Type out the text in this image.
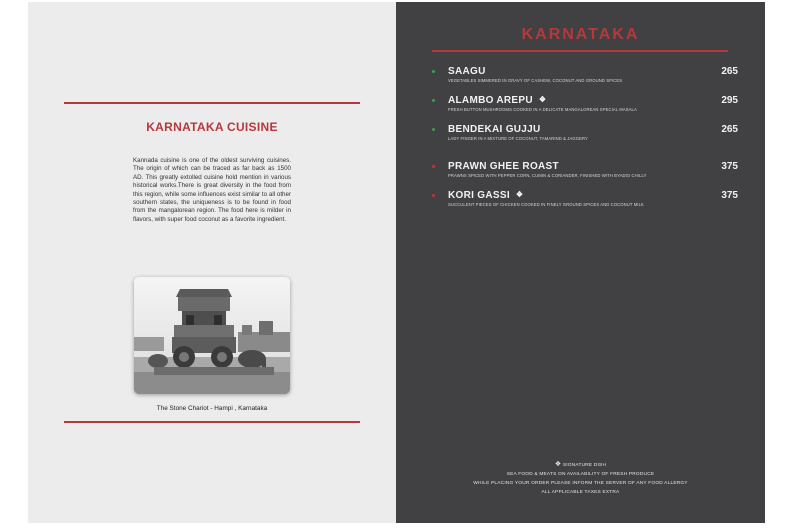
KARNATAKA CUISINE
Kannada cuisine is one of the oldest surviving cuisines. The origin of which can be traced as far back as 1500 AD. This greatly extolled cuisine hold mention in various historical works.There is great diversity in the food from this region, while some influences exist similar to all other southern states, the uniqueness is to be found in food from the mangalorean region. The food here is milder in flavors, with super food coconut as a favorite ingredient.
The Stone Chariot - Hampi , Karnataka
KARNATAKA
SAAGU
VEGETABLES SIMMERED IN GRAVY OF CASHEW, COCONUT AND GROUND SPICES
265
ALAMBO AREPU ❖
FRESH BUTTON MUSHROOMS COOKED IN A DELICATE MANGALOREAN SPECIAL MASALA
295
BENDEKAI GUJJU
LADY FINGER IN A MIXTURE OF COCONUT, TAMARIND & JAGGERY
265
PRAWN GHEE ROAST
PRAWNS SPICED WITH PEPPER CORN, CUMIN & CORIANDER, FINISHED WITH BYADGI CHILLY
375
KORI GASSI ❖
SUCCULENT PIECES OF CHICKEN COOKED IN FINELY GROUND SPICES AND COCONUT MILK
375
❖ SIGNATURE DISH
SEA FOOD & MEATS ON AVAILABILITY OF FRESH PRODUCE
WHILE PLACING YOUR ORDER PLEASE INFORM THE SERVER OF ANY FOOD ALLERGY
ALL APPLICABLE TAXES EXTRA
